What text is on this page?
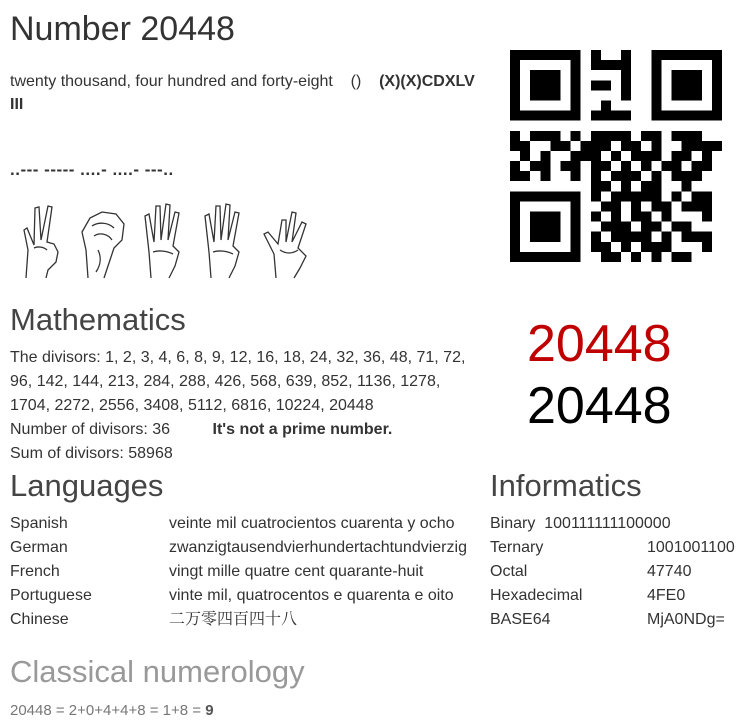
Number 20448
twenty thousand, four hundred and forty-eight () (X)(X)CDXLV
III
..--- ----- ....- ....- ---..

Mathematics
The divisors: 1, 2, 3, 4, 6, 8, 9, 12, 16, 18, 24, 32, 36, 48, 71, 72,
96, 142, 144, 213, 284, 288, 426, 568, 639, 852, 1136, 1278,
1704, 2272, 2556, 3408, 5112, 6816, 10224, 20448
Number of divisors: 36	It's not a prime number.
Sum of divisors: 58968
20448
20448
Languages
Spanish	veinte mil cuatrocientos cuarenta y ocho
German	zwanzigtausendvierhundertachtundvierzig
French	vingt mille quatre cent quarante-huit
Portuguese	vinte mil, quatrocentos e quarenta e oito
Chinese	二万零四百四十八
Informatics
Binary 100111111100000
Ternary	1001001100
Octal	47740
Hexadecimal	4FE0
BASE64	MjA0NDg=
Classical numerology
20448 = 2+0+4+4+8 = 1+8 = 9
